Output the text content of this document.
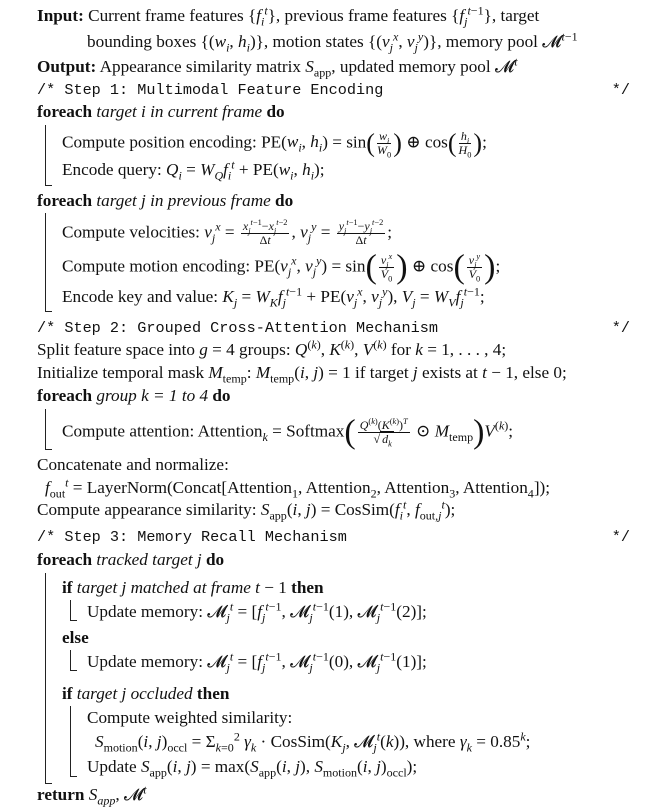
Input: Current frame features $\{f_i^t\}$, previous frame features $\{f_j^{t-1}\}$, target
bounding boxes {($w_i$, $h_i$)}, motion states {($v_j^x$, $v_j^y$)}, memory pool 𝓜$^{t-1}$
Output: Appearance similarity matrix $S_{app}$, updated memory pool 𝓜$^t$
/* Step 1: Multimodal Feature Encoding	*/
foreach target i in current frame do
Compute position encoding: $PE(w_i$, $h_i) = \sin( \frac{w_i}{W_0}$ ) ⊕ $\cos( \frac{h_i}{H_0}$ );
Encode query: $Q_i = W_Qf_i^t + PE(w_i$, $h_i$);
foreach target j in previous frame do
Compute velocities: $v_j^x = \frac{x_j^{t-1}-x_j^{t-2}}{\Delta t}$ , $v_j^y = \frac{y_j^{t-1}-y_j^{t-2}}{\Delta t}$ ;
Compute motion encoding: $PE(v_j^x$, $v_j^y) = \sin( \frac{v_j^x}{V_0}$ ) ⊕ $\cos( \frac{v_j^y}{V_0}$ );
Encode key and value: $K_j = W_Kf_j^{t-1} + PE(v_j^x$, $v_j^y$), $V_j = W_Vf_j^{t-1}$;
/* Step 2: Grouped Cross-Attention Mechanism	*/
Split feature space into g = 4 groups: $Q^{(k)}$, $K^{(k)}$, $V^{(k)}$ for k = 1, . . . , 4;
Initialize temporal mask $M_{temp}$: $M_{temp}(i$, j) = 1 if target j exists at t − 1, else 0;
foreach group k = 1 to 4 do
Compute attention: Attention$_k$ = Softmax( $\frac{Q^{(k)}(K^{(k)})^T}{√ d_k}$ ⊙ $M_{temp})V^{(k)}$;
Concatenate and normalize:
$f_{out}^t$ = LayerNorm(Concat[Attention$_1$, Attention$_2$, Attention$_3$, Attention$_4$]);
Compute appearance similarity: $S_{app}(i$, $j) = CosSim(f_i^t$, $f_{out,j}^t$);
/* Step 3: Memory Recall Mechanism	*/
foreach tracked target j do
if target j matched at frame t − 1 then
Update memory: 𝓜$_j^t$ = [$f_j^{t-1}$, 𝓜$_j^{t-1}$(1), 𝓜$_j^{t-1}$(2)];
else
Update memory: 𝓜$_j^t$ = [$f_j^{t-1}$, 𝓜$_j^{t-1}$(0), 𝓜$_j^{t-1}$(1)];
if target j occluded then
Compute weighted similarity:
$S_{motion}(i$, $j)_{occl} = \Sigma_{k=0}^2$ $\gamma_k$ · $CosSim(K_j$, 𝓜$_j^t$(k)), where $\gamma_k = 0.85^k$;
Update $S_{app}(i$, $j) = \max(S_{app}(i$, j), $S_{motion}(i$, $j)_{occl}$);
return $S_{app}$, 𝓜$^t$
